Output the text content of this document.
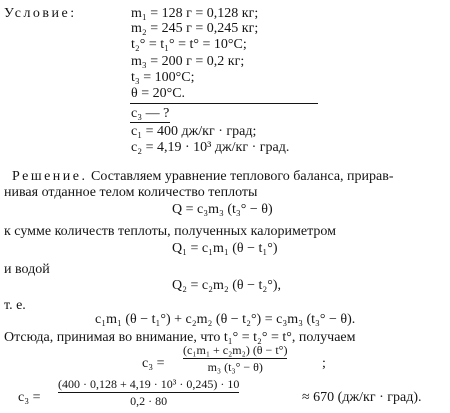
Условие:	m₁ = 128 г = 0,128 кг;
m₂ = 245 г = 0,245 кг;
t₂° = t₁° = t° = 10°С;
m₃ = 200 г = 0,2 кг;
t₃ = 100°С;
θ = 20°С.
c₃ — ?
c₁ = 400 дж/кг · град;
c₂ = 4,19 · 10³ дж/кг · град.
Решение. Составляем уравнение теплового баланса, прирав-
нивая отданное телом количество теплоты
Q = c₃m₃ (t₃° − θ)
к сумме количеств теплоты, полученных калориметром
Q₁ = c₁m₁ (θ − t₁°)
и водой
Q₂ = c₂m₂ (θ − t₂°),
т. е.
c₁m₁ (θ − t₁°) + c₂m₂ (θ − t₂°) = c₃m₃ (t₃° − θ).
Отсюда, принимая во внимание, что t₁° = t₂° = t°, получаем
c₃ =
(c₁m₁ + c₂m₂) (θ − t°)
m₃ (t₃° − θ)	;
c₃ =
(400 · 0,128 + 4,19 · 10³ · 0,245) · 10
0,2 · 80	≈ 670 (дж/кг · град).
